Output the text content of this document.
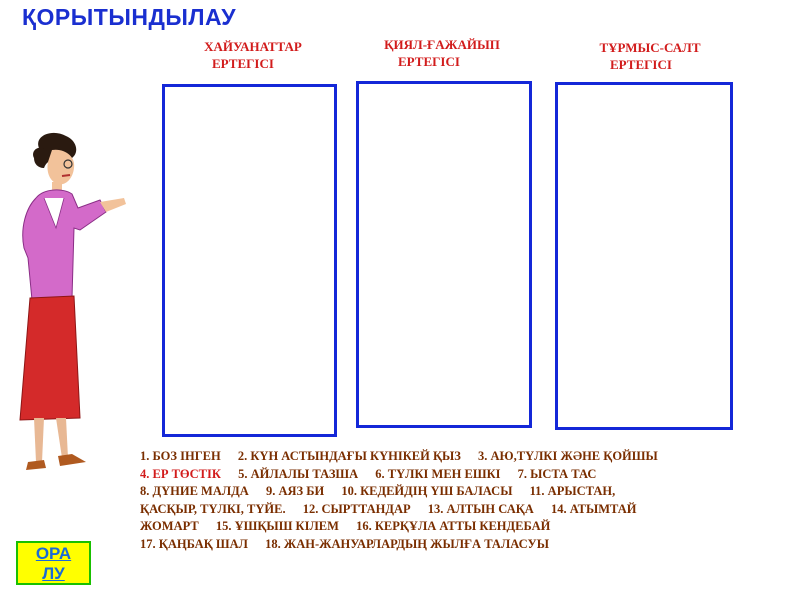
ҚОРЫТЫНДЫЛАУ
ХАЙУАНАТТАР
ЕРТЕГІСІ
ҚИЯЛ-ҒАЖАЙЫП
ЕРТЕГІСІ
ТҰРМЫС-САЛТ
ЕРТЕГІСІ
1. БОЗ ІНГЕН 2. КҮН АСТЫНДАҒЫ КҮНІКЕЙ ҚЫЗ 3. АЮ,ТҮЛКІ ЖӘНЕ ҚОЙШЫ
4. ЕР ТӨСТІК 5. АЙЛАЛЫ ТАЗША 6. ТҮЛКІ МЕН ЕШКІ 7. ЫСТА ТАС
8. ДҮНИЕ МАЛДА 9. АЯЗ БИ 10. КЕДЕЙДІҢ ҮШ БАЛАСЫ 11. АРЫСТАН,
ҚАСҚЫР, ТҮЛКІ, ТҮЙЕ. 12. СЫРТТАНДАР 13. АЛТЫН САҚА 14. АТЫМТАЙ
ЖОМАРТ 15. ҰШҚЫШ КІЛЕМ 16. КЕРҚҰЛА АТТЫ КЕНДЕБАЙ
17. ҚАҢБАҚ ШАЛ 18. ЖАН-ЖАНУАРЛАРДЫҢ ЖЫЛҒА ТАЛАСУЫ
ОРА
ЛУ
